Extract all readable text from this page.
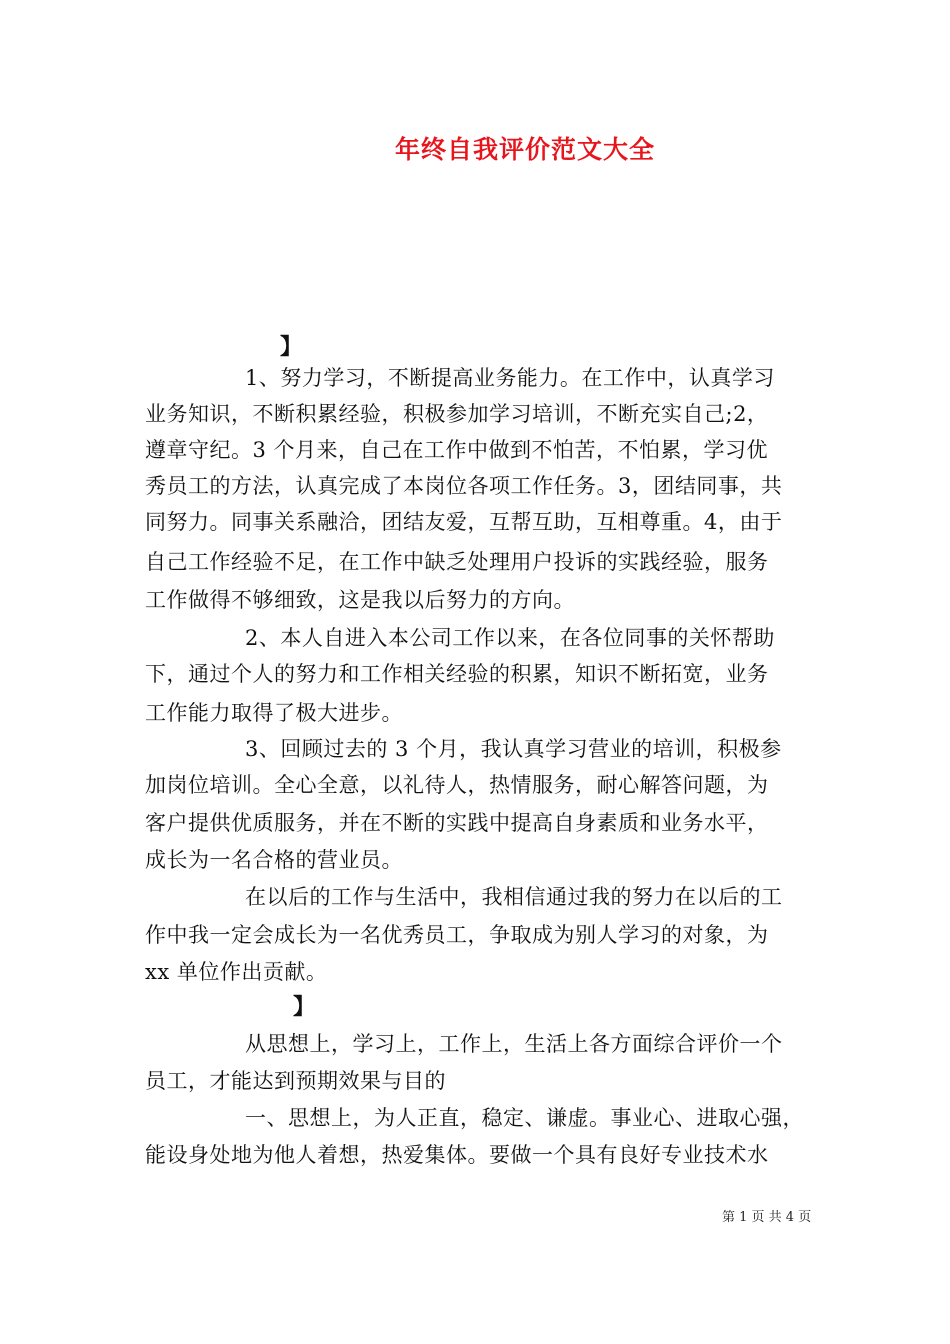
年终自我评价范文大全
】
1、努力学习，不断提高业务能力。在工作中，认真学习
业务知识，不断积累经验，积极参加学习培训，不断充实自己;2，
遵章守纪。3 个月来，自己在工作中做到不怕苦，不怕累，学习优
秀员工的方法，认真完成了本岗位各项工作任务。3，团结同事，共
同努力。同事关系融洽，团结友爱，互帮互助，互相尊重。4，由于
自己工作经验不足，在工作中缺乏处理用户投诉的实践经验，服务
工作做得不够细致，这是我以后努力的方向。
2、本人自进入本公司工作以来，在各位同事的关怀帮助
下，通过个人的努力和工作相关经验的积累，知识不断拓宽，业务
工作能力取得了极大进步。
3、回顾过去的 3 个月，我认真学习营业的培训，积极参
加岗位培训。全心全意，以礼待人，热情服务，耐心解答问题，为
客户提供优质服务，并在不断的实践中提高自身素质和业务水平，
成长为一名合格的营业员。
在以后的工作与生活中，我相信通过我的努力在以后的工
作中我一定会成长为一名优秀员工，争取成为别人学习的对象，为
xx 单位作出贡献。
】
从思想上，学习上，工作上，生活上各方面综合评价一个
员工，才能达到预期效果与目的
一、思想上，为人正直，稳定、谦虚。事业心、进取心强，
能设身处地为他人着想，热爱集体。要做一个具有良好专业技术水
第 1 页 共 4 页
